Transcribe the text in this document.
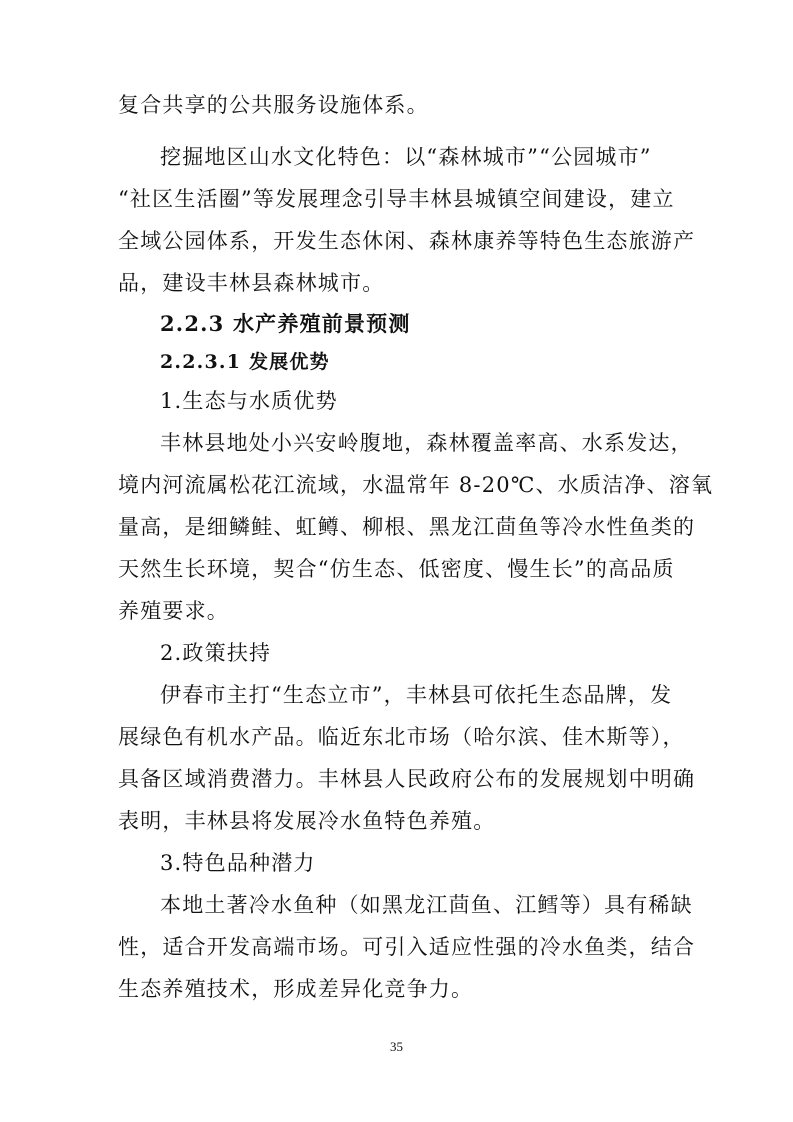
复合共享的公共服务设施体系。
挖掘地区山水文化特色：以“森林城市”“公园城市”
“社区生活圈”等发展理念引导丰林县城镇空间建设，建立
全域公园体系，开发生态休闲、森林康养等特色生态旅游产
品，建设丰林县森林城市。
2.2.3 水产养殖前景预测
2.2.3.1 发展优势
1.生态与水质优势
丰林县地处小兴安岭腹地，森林覆盖率高、水系发达，
境内河流属松花江流域，水温常年 8-20℃、水质洁净、溶氧
量高，是细鳞鲑、虹鳟、柳根、黑龙江茴鱼等冷水性鱼类的
天然生长环境，契合“仿生态、低密度、慢生长”的高品质
养殖要求。
2.政策扶持
伊春市主打“生态立市”，丰林县可依托生态品牌，发
展绿色有机水产品。临近东北市场（哈尔滨、佳木斯等），
具备区域消费潜力。丰林县人民政府公布的发展规划中明确
表明，丰林县将发展冷水鱼特色养殖。
3.特色品种潜力
本地土著冷水鱼种（如黑龙江茴鱼、江鳕等）具有稀缺
性，适合开发高端市场。可引入适应性强的冷水鱼类，结合
生态养殖技术，形成差异化竞争力。
35
